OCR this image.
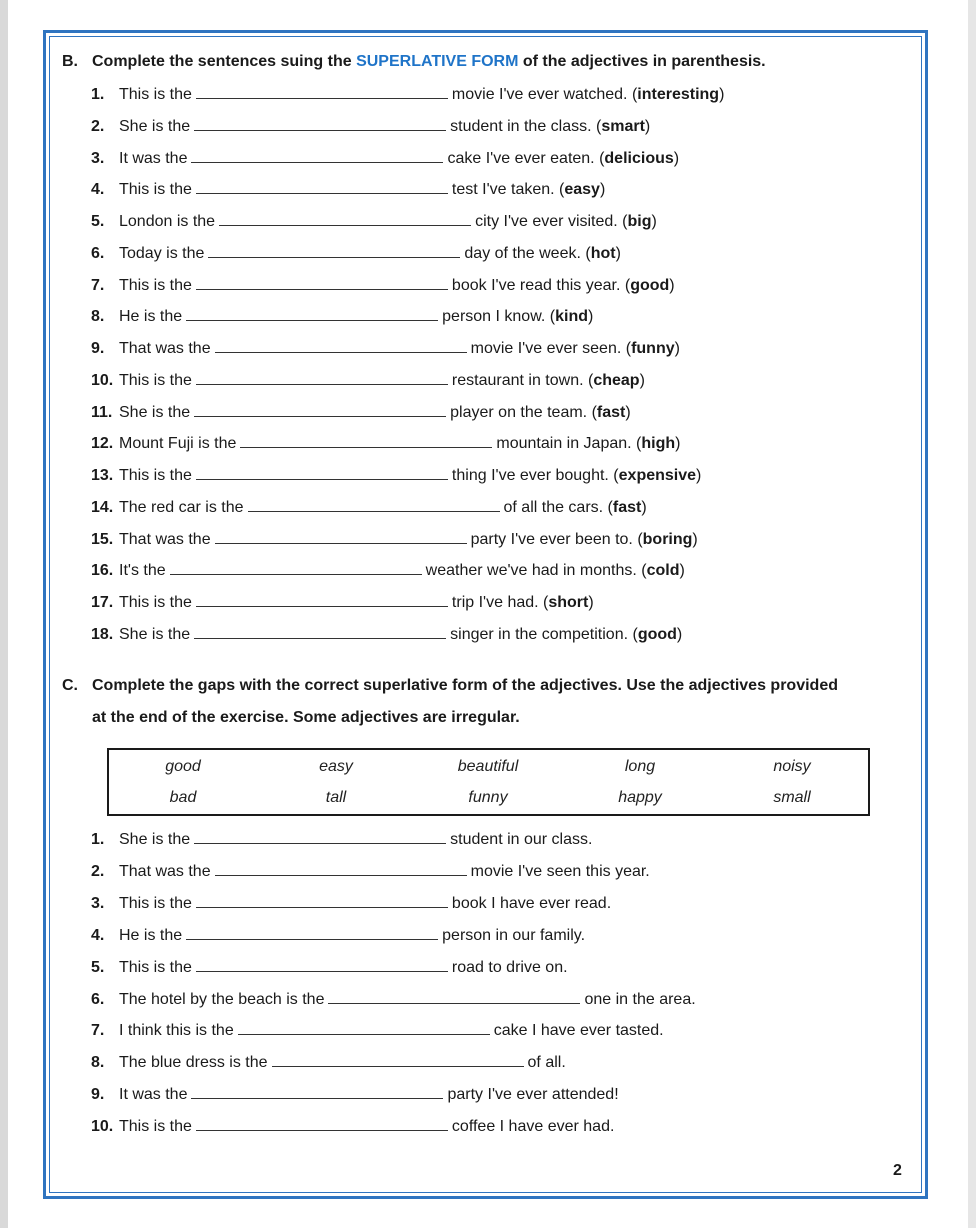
B. Complete the sentences suing the SUPERLATIVE FORM of the adjectives in parenthesis.
1. This is the	movie I've ever watched. ( interesting )
2. She is the	student in the class. ( smart )
3. It was the	cake I've ever eaten. ( delicious )
4. This is the	test I've taken. ( easy )
5. London is the	city I've ever visited. ( big )
6. Today is the	day of the week. ( hot )
7. This is the	book I've read this year. ( good )
8. He is the	person I know. ( kind )
9. That was the	movie I've ever seen. ( funny )
10. This is the	restaurant in town. ( cheap )
11. She is the	player on the team. ( fast )
12. Mount Fuji is the	mountain in Japan. ( high )
13. This is the	thing I've ever bought. ( expensive )
14. The red car is the	of all the cars. ( fast )
15. That was the	party I've ever been to. ( boring )
16. It's the	weather we've had in months. ( cold )
17. This is the	trip I've had. ( short )
18. She is the	singer in the competition. ( good )
C. Complete the gaps with the correct superlative form of the adjectives. Use the adjectives provided
at the end of the exercise. Some adjectives are irregular.
good	easy	beautiful	long	noisy
bad	tall	funny	happy	small
1. She is the	student in our class.
2. That was the	movie I've seen this year.
3. This is the	book I have ever read.
4. He is the	person in our family.
5. This is the	road to drive on.
6. The hotel by the beach is the	one in the area.
7. I think this is the	cake I have ever tasted.
8. The blue dress is the	of all.
9. It was the	party I've ever attended!
10. This is the	coffee I have ever had.
2
